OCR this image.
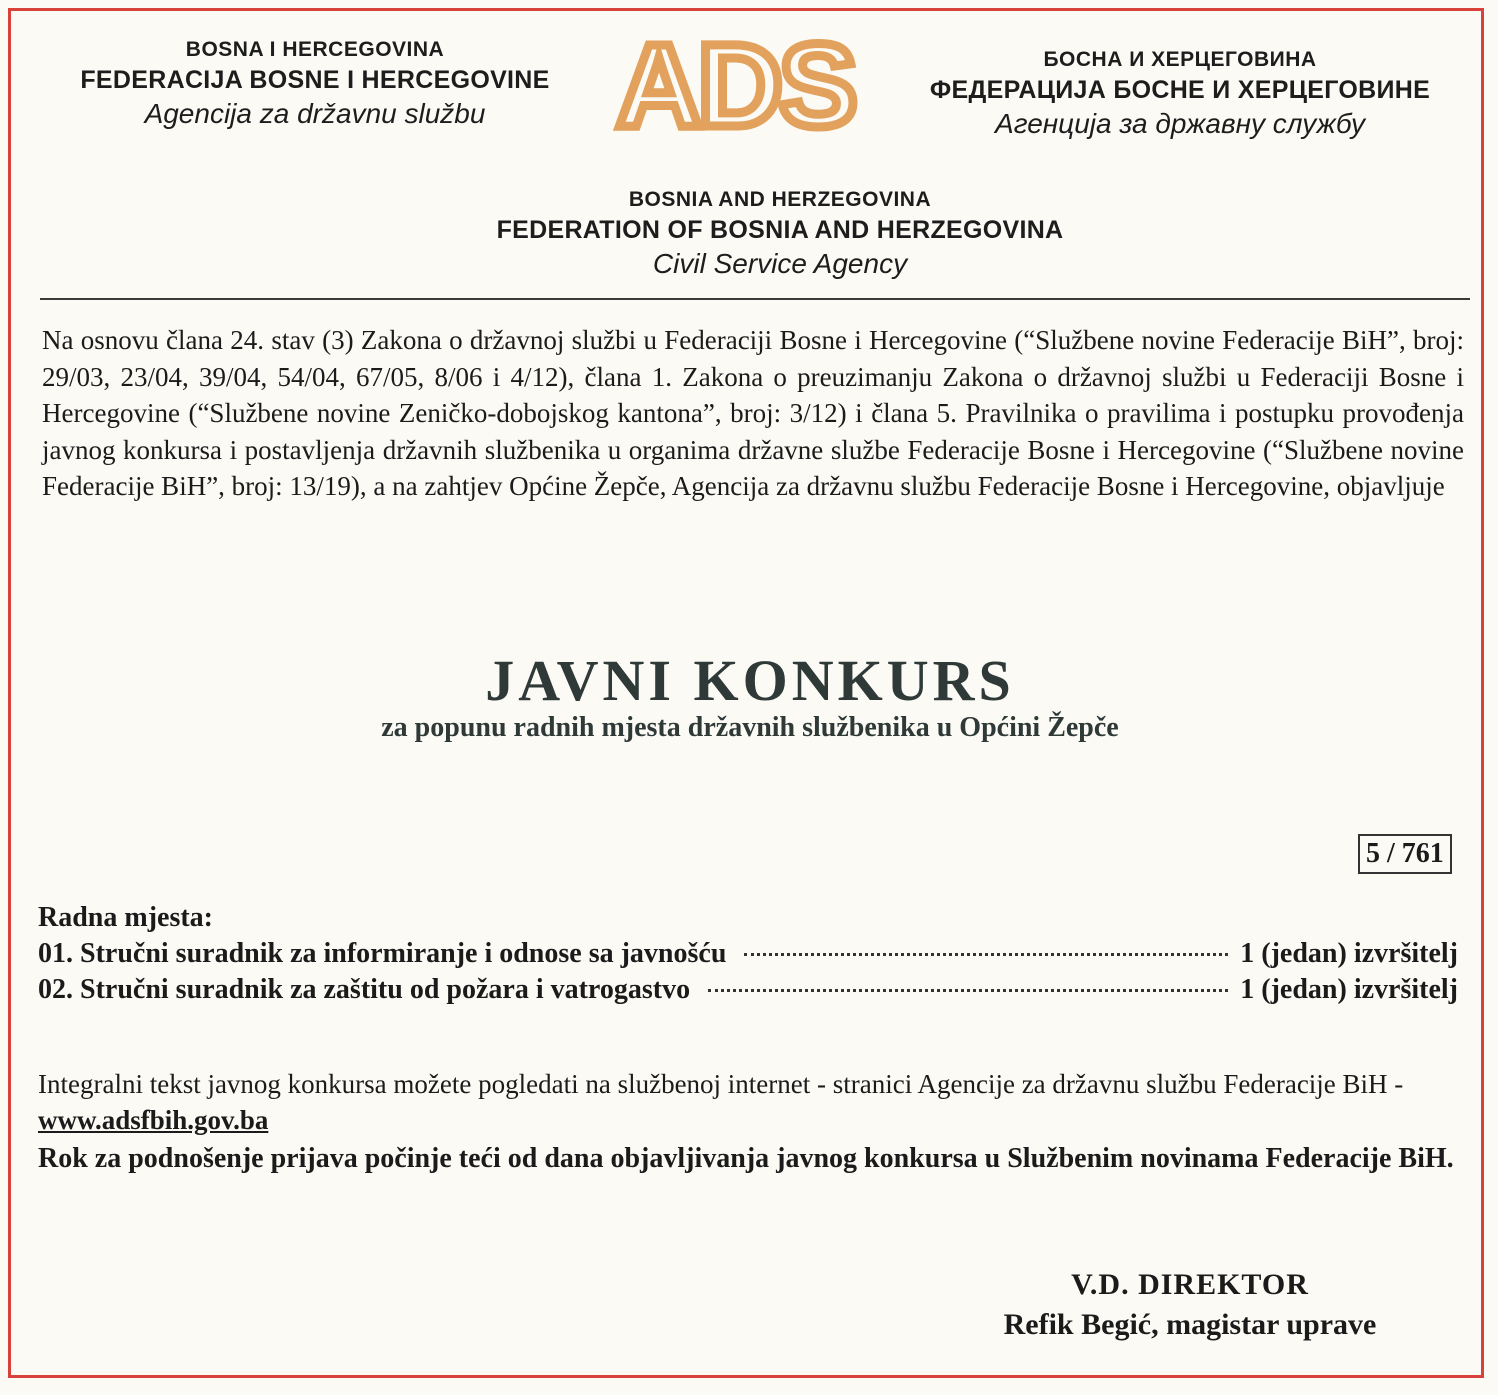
BOSNA I HERCEGOVINA
FEDERACIJA BOSNE I HERCEGOVINE
Agencija za državnu službu	ADS	БОСНА И ХЕРЦЕГОВИНА
ФЕДЕРАЦИЈА БОСНЕ И ХЕРЦЕГОВИНЕ
Агенција за државну службу
BOSNIA AND HERZEGOVINA
FEDERATION OF BOSNIA AND HERZEGOVINA
Civil Service Agency
Na osnovu člana 24. stav (3) Zakona o državnoj službi u Federaciji Bosne i Hercegovine (“Službene novine Federacije BiH”, broj: 29/03, 23/04, 39/04, 54/04, 67/05, 8/06 i 4/12), člana 1. Zakona o preuzimanju Zakona o državnoj službi u Federaciji Bosne i Hercegovine (“Službene novine Zeničko-dobojskog kantona”, broj: 3/12) i člana 5. Pravilnika o pravilima i postupku provođenja javnog konkursa i postavljenja državnih službenika u organima državne službe Federacije Bosne i Hercegovine (“Službene novine Federacije BiH”, broj: 13/19), a na zahtjev Općine Žepče, Agencija za državnu službu Federacije Bosne i Hercegovine, objavljuje
JAVNI KONKURS
za popunu radnih mjesta državnih službenika u Općini Žepče
5 / 761
Radna mjesta:
01. Stručni suradnik za informiranje i odnose sa javnošću	1 (jedan) izvršitelj
02. Stručni suradnik za zaštitu od požara i vatrogastvo	1 (jedan) izvršitelj
Integralni tekst javnog konkursa možete pogledati na službenoj internet - stranici Agencije za državnu službu Federacije BiH - www.adsfbih.gov.ba
Rok za podnošenje prijava počinje teći od dana objavljivanja javnog konkursa u Službenim novinama Federacije BiH.
V.D. DIREKTOR
Refik Begić, magistar uprave
